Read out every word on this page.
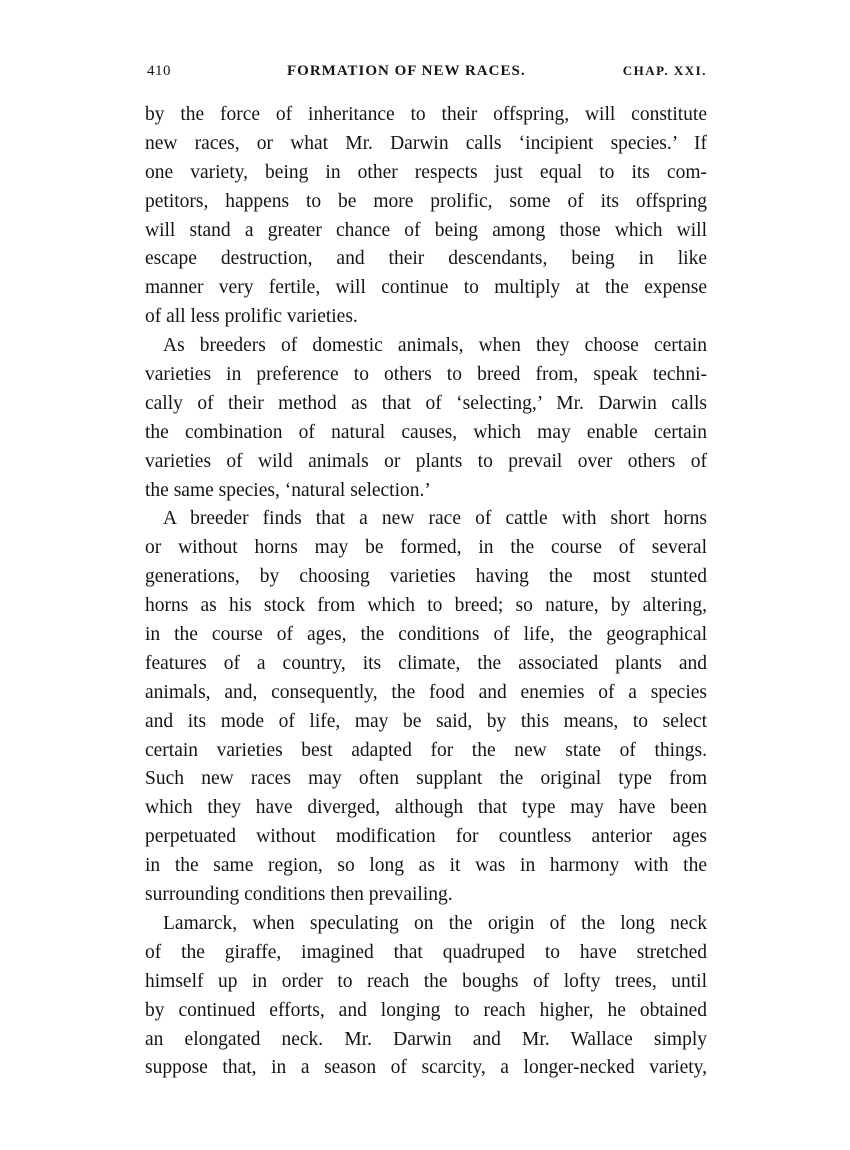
410	FORMATION OF NEW RACES.	CHAP. XXI.
by the force of inheritance to their offspring, will constitute
new races, or what Mr. Darwin calls ‘incipient species.’ If
one variety, being in other respects just equal to its com-
petitors, happens to be more prolific, some of its offspring
will stand a greater chance of being among those which will
escape destruction, and their descendants, being in like
manner very fertile, will continue to multiply at the expense
of all less prolific varieties.
As breeders of domestic animals, when they choose certain
varieties in preference to others to breed from, speak techni-
cally of their method as that of ‘selecting,’ Mr. Darwin calls
the combination of natural causes, which may enable certain
varieties of wild animals or plants to prevail over others of
the same species, ‘natural selection.’
A breeder finds that a new race of cattle with short horns
or without horns may be formed, in the course of several
generations, by choosing varieties having the most stunted
horns as his stock from which to breed; so nature, by altering,
in the course of ages, the conditions of life, the geographical
features of a country, its climate, the associated plants and
animals, and, consequently, the food and enemies of a species
and its mode of life, may be said, by this means, to select
certain varieties best adapted for the new state of things.
Such new races may often supplant the original type from
which they have diverged, although that type may have been
perpetuated without modification for countless anterior ages
in the same region, so long as it was in harmony with the
surrounding conditions then prevailing.
Lamarck, when speculating on the origin of the long neck
of the giraffe, imagined that quadruped to have stretched
himself up in order to reach the boughs of lofty trees, until
by continued efforts, and longing to reach higher, he obtained
an elongated neck. Mr. Darwin and Mr. Wallace simply
suppose that, in a season of scarcity, a longer-necked variety,
